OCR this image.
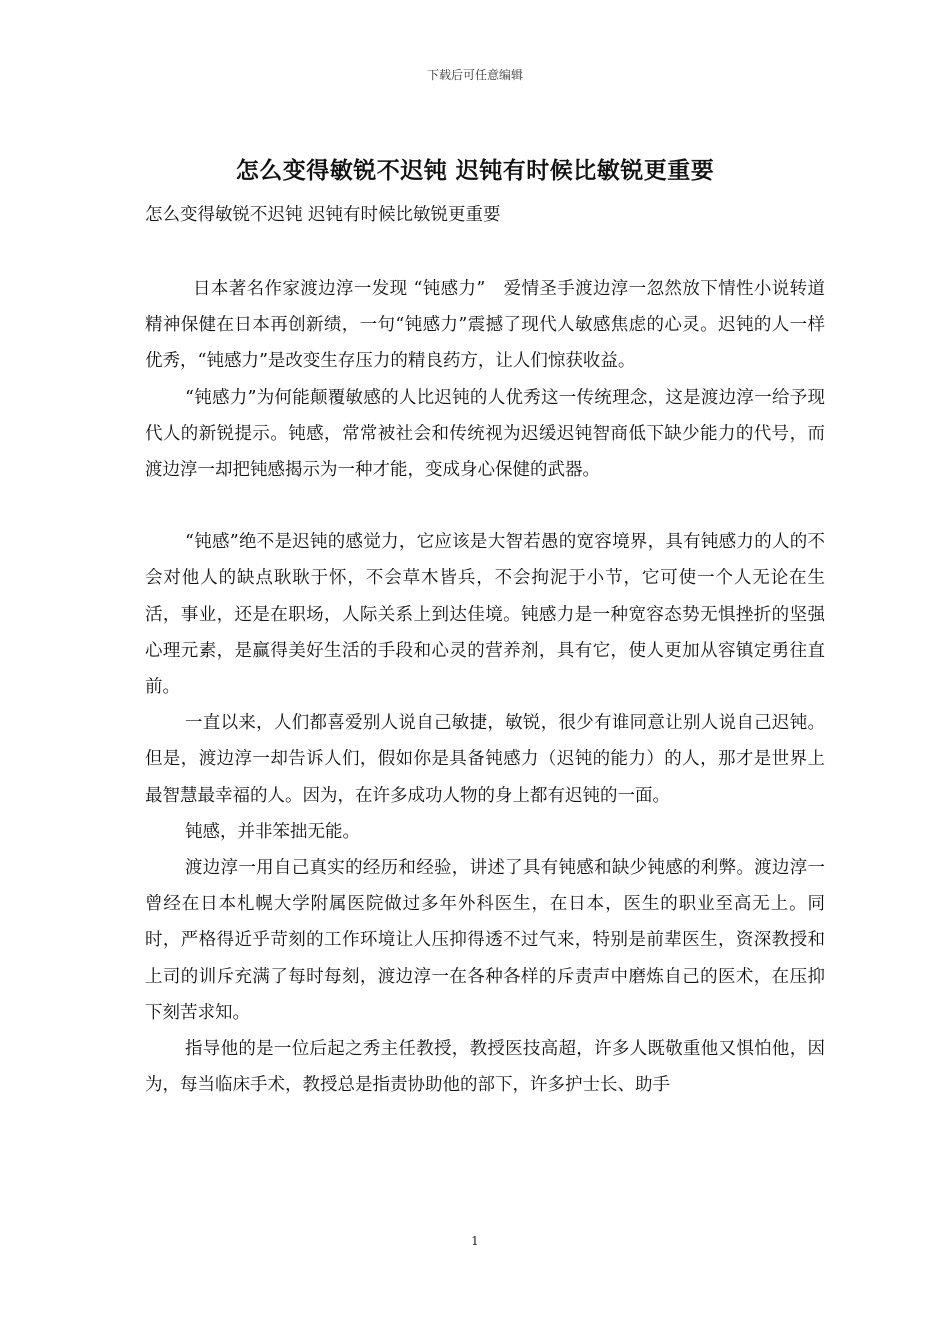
下载后可任意编辑
怎么变得敏锐不迟钝 迟钝有时候比敏锐更重要

怎么变得敏锐不迟钝 迟钝有时候比敏锐更重要

日本著名作家渡边淳一发现 “钝感力”　爱情圣手渡边淳一忽然放下情性小说转道精神保健在日本再创新绩，一句“钝感力”震撼了现代人敏感焦虑的心灵。迟钝的人一样优秀，“钝感力”是改变生存压力的精良药方，让人们惊获收益。

“钝感力”为何能颠覆敏感的人比迟钝的人优秀这一传统理念，这是渡边淳一给予现代人的新锐提示。钝感，常常被社会和传统视为迟缓迟钝智商低下缺少能力的代号，而渡边淳一却把钝感揭示为一种才能，变成身心保健的武器。

“钝感”绝不是迟钝的感觉力，它应该是大智若愚的宽容境界，具有钝感力的人的不会对他人的缺点耿耿于怀，不会草木皆兵，不会拘泥于小节，它可使一个人无论在生活，事业，还是在职场，人际关系上到达佳境。钝感力是一种宽容态势无惧挫折的坚强心理元素，是赢得美好生活的手段和心灵的营养剂，具有它，使人更加从容镇定勇往直前。

一直以来，人们都喜爱别人说自己敏捷，敏锐，很少有谁同意让别人说自己迟钝。但是，渡边淳一却告诉人们，假如你是具备钝感力（迟钝的能力）的人，那才是世界上最智慧最幸福的人。因为，在许多成功人物的身上都有迟钝的一面。

钝感，并非笨拙无能。

渡边淳一用自己真实的经历和经验，讲述了具有钝感和缺少钝感的利弊。渡边淳一曾经在日本札幌大学附属医院做过多年外科医生，在日本，医生的职业至高无上。同时，严格得近乎苛刻的工作环境让人压抑得透不过气来，特别是前辈医生，资深教授和上司的训斥充满了每时每刻，渡边淳一在各种各样的斥责声中磨炼自己的医术，在压抑下刻苦求知。

指导他的是一位后起之秀主任教授，教授医技高超，许多人既敬重他又惧怕他，因为，每当临床手术，教授总是指责协助他的部下，许多护士长、助手

1
